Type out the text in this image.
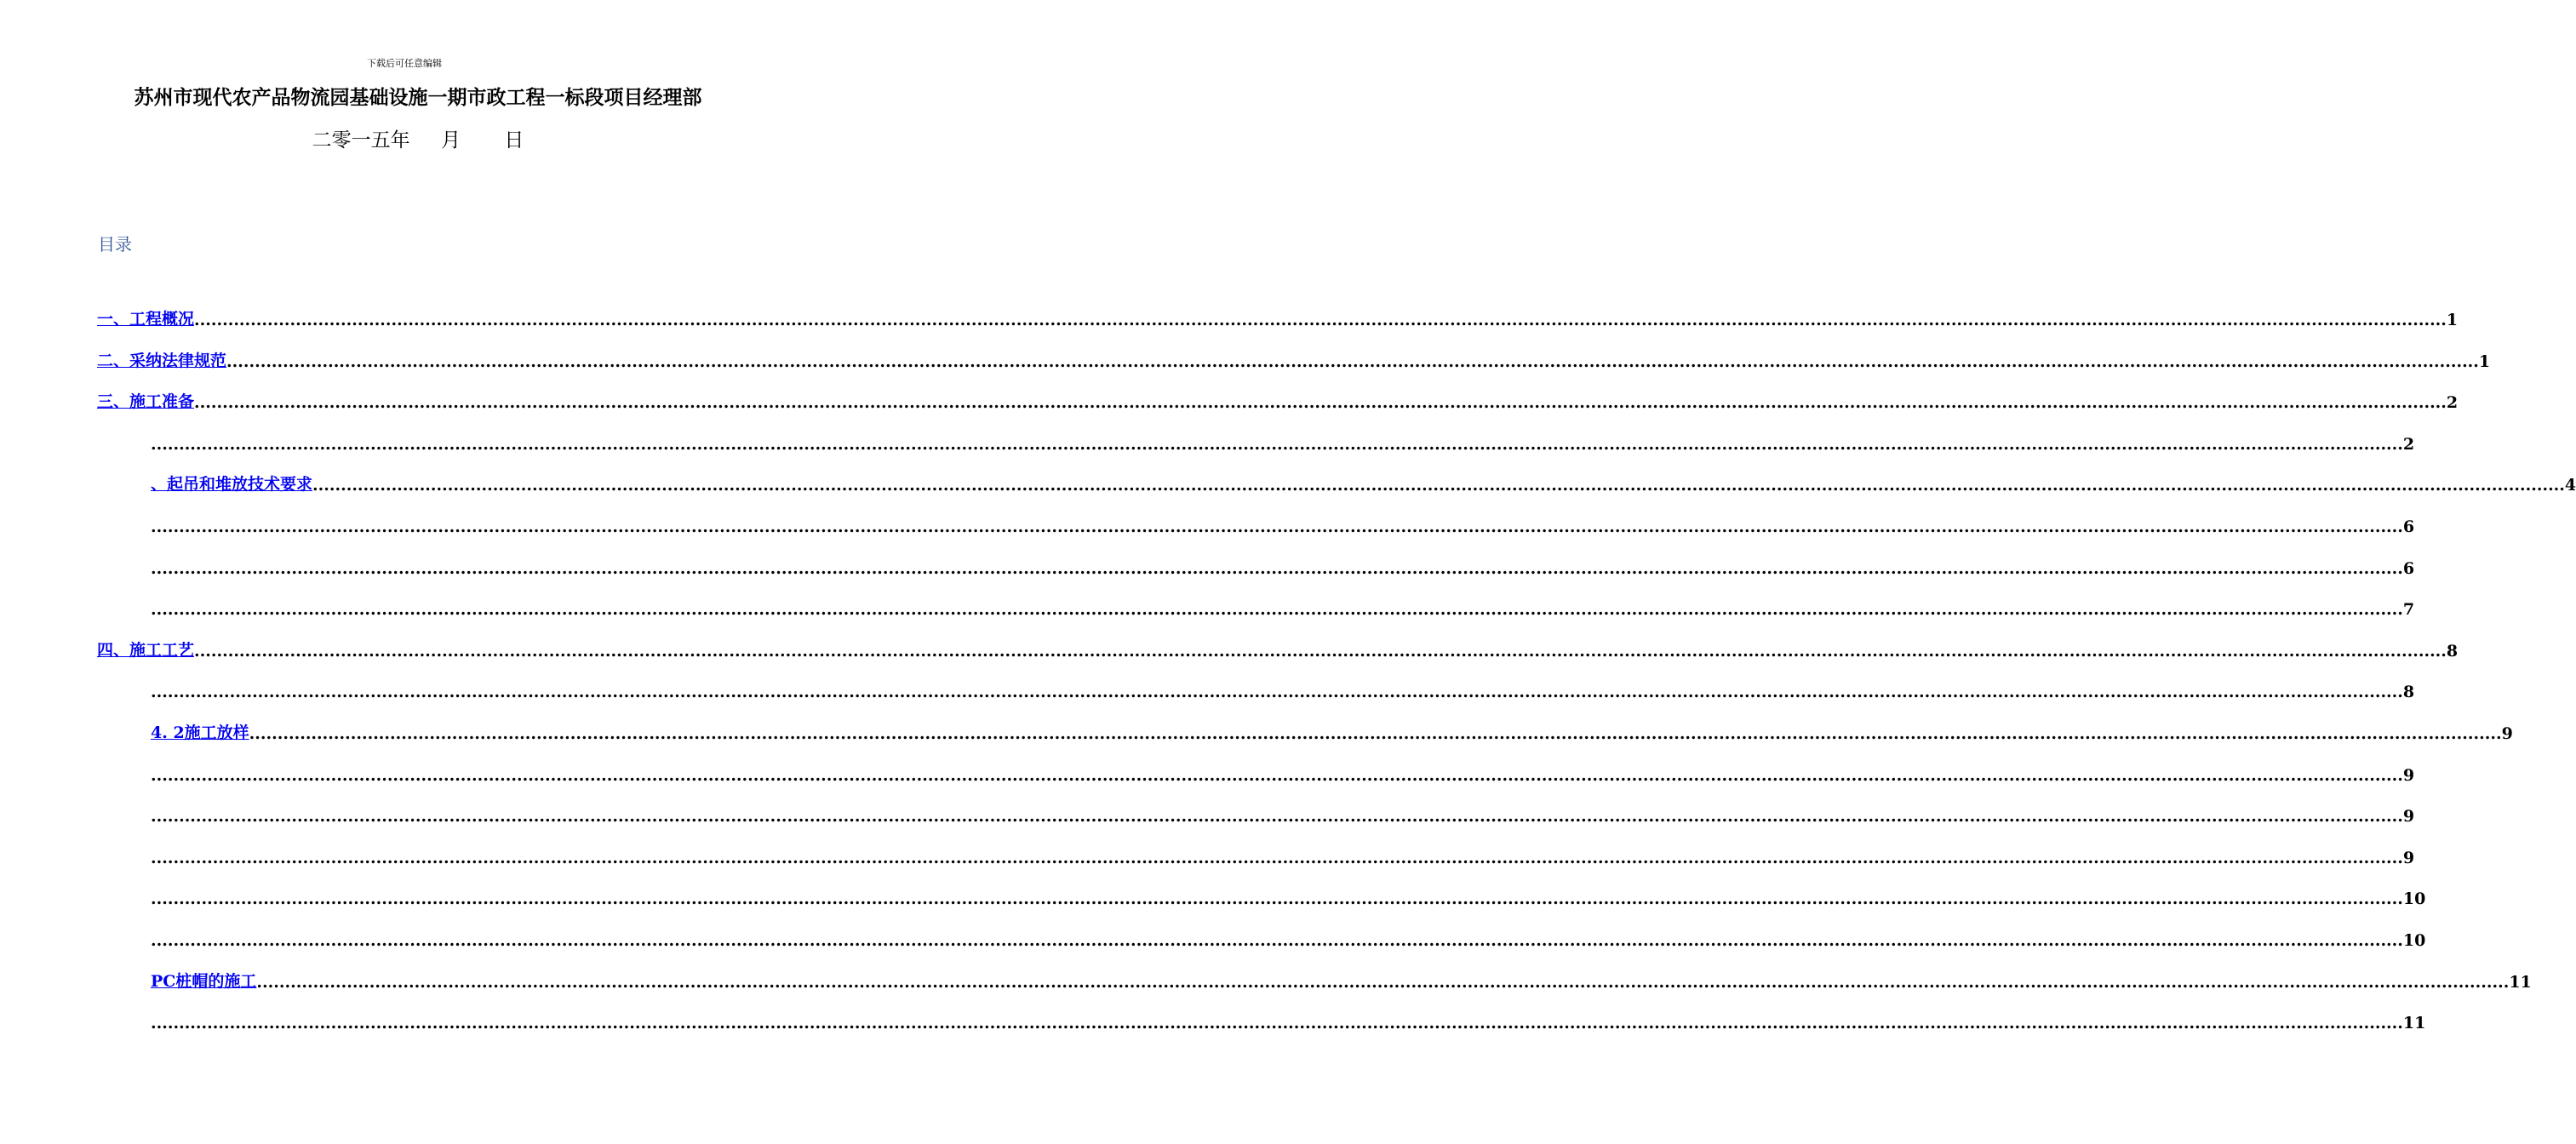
下载后可任意编辑
苏州市现代农产品物流园基础设施一期市政工程一标段项目经理部
二零一五年     月       日
目录
一、工程概况 ................................................................................................................................................................................................................................................................................................................................................................................................................ 1
二、采纳法律规范 ................................................................................................................................................................................................................................................................................................................................................................................................................ 1
三、施工准备 ................................................................................................................................................................................................................................................................................................................................................................................................................ 2
................................................................................................................................................................................................................................................................................................................................................................................................................ 2
、起吊和堆放技术要求 ................................................................................................................................................................................................................................................................................................................................................................................................................ 4
................................................................................................................................................................................................................................................................................................................................................................................................................ 6
................................................................................................................................................................................................................................................................................................................................................................................................................ 6
................................................................................................................................................................................................................................................................................................................................................................................................................ 7
四、施工工艺 ................................................................................................................................................................................................................................................................................................................................................................................................................ 8
................................................................................................................................................................................................................................................................................................................................................................................................................ 8
4. 2施工放样 ................................................................................................................................................................................................................................................................................................................................................................................................................ 9
................................................................................................................................................................................................................................................................................................................................................................................................................ 9
................................................................................................................................................................................................................................................................................................................................................................................................................ 9
................................................................................................................................................................................................................................................................................................................................................................................................................ 9
................................................................................................................................................................................................................................................................................................................................................................................................................ 10
................................................................................................................................................................................................................................................................................................................................................................................................................ 10
PC桩帽的施工 ................................................................................................................................................................................................................................................................................................................................................................................................................ 11
................................................................................................................................................................................................................................................................................................................................................................................................................ 11
